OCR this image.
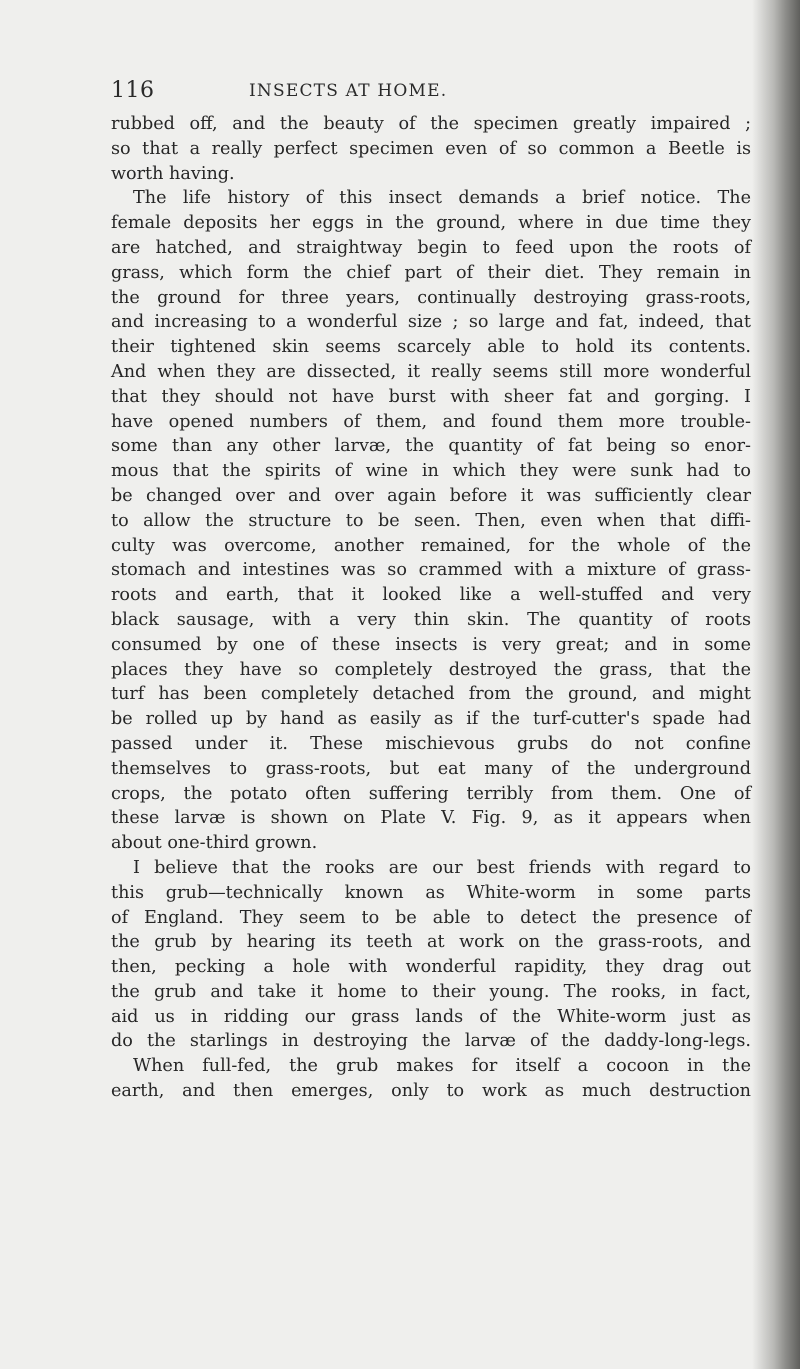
116	INSECTS AT HOME.
rubbed off, and the beauty of the specimen greatly impaired ;
so that a really perfect specimen even of so common a Beetle is
worth having.
The life history of this insect demands a brief notice. The
female deposits her eggs in the ground, where in due time they
are hatched, and straightway begin to feed upon the roots of
grass, which form the chief part of their diet. They remain in
the ground for three years, continually destroying grass-roots,
and increasing to a wonderful size ; so large and fat, indeed, that
their tightened skin seems scarcely able to hold its contents.
And when they are dissected, it really seems still more wonderful
that they should not have burst with sheer fat and gorging. I
have opened numbers of them, and found them more trouble-
some than any other larvæ, the quantity of fat being so enor-
mous that the spirits of wine in which they were sunk had to
be changed over and over again before it was sufficiently clear
to allow the structure to be seen. Then, even when that diffi-
culty was overcome, another remained, for the whole of the
stomach and intestines was so crammed with a mixture of grass-
roots and earth, that it looked like a well-stuffed and very
black sausage, with a very thin skin. The quantity of roots
consumed by one of these insects is very great; and in some
places they have so completely destroyed the grass, that the
turf has been completely detached from the ground, and might
be rolled up by hand as easily as if the turf-cutter's spade had
passed under it. These mischievous grubs do not confine
themselves to grass-roots, but eat many of the underground
crops, the potato often suffering terribly from them. One of
these larvæ is shown on Plate V. Fig. 9, as it appears when
about one-third grown.
I believe that the rooks are our best friends with regard to
this grub—technically known as White-worm in some parts
of England. They seem to be able to detect the presence of
the grub by hearing its teeth at work on the grass-roots, and
then, pecking a hole with wonderful rapidity, they drag out
the grub and take it home to their young. The rooks, in fact,
aid us in ridding our grass lands of the White-worm just as
do the starlings in destroying the larvæ of the daddy-long-legs.
When full-fed, the grub makes for itself a cocoon in the
earth, and then emerges, only to work as much destruction
